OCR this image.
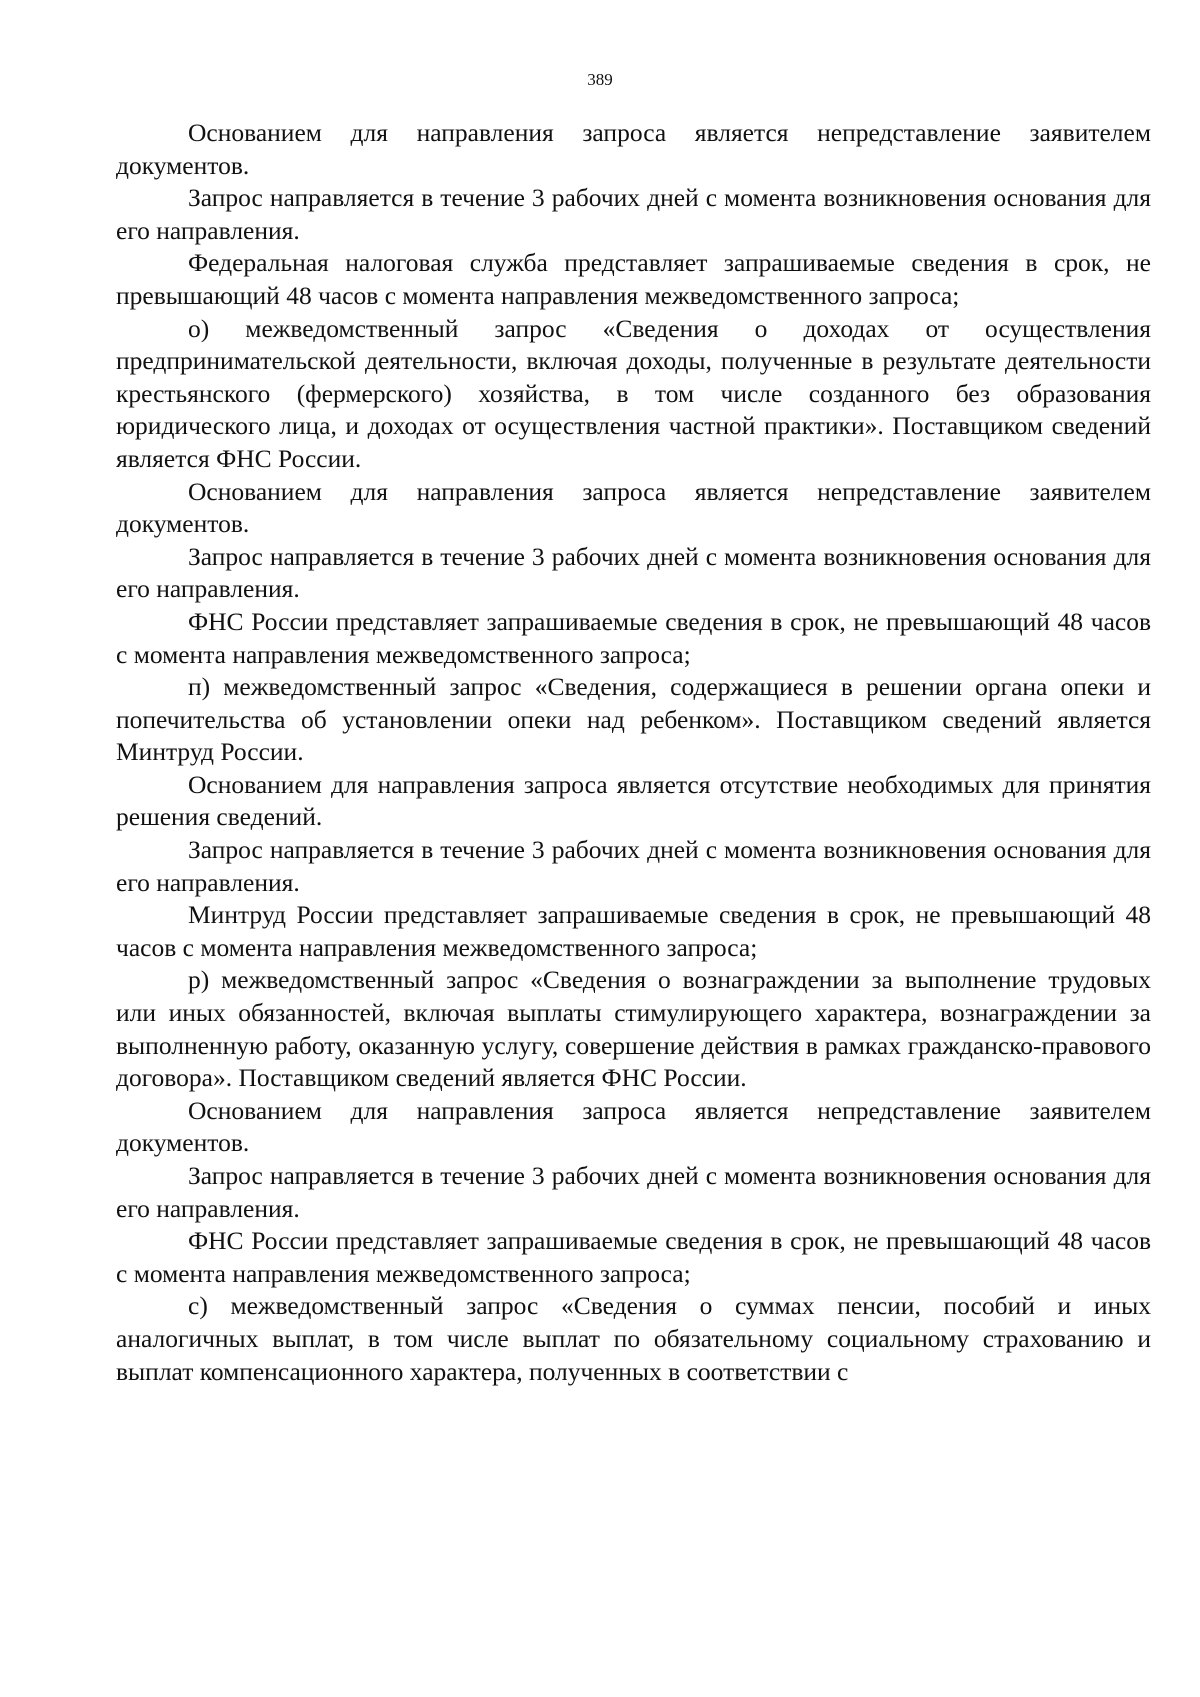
389

Основанием для направления запроса является непредставление заявителем документов.

Запрос направляется в течение 3 рабочих дней с момента возникновения основания для его направления.

Федеральная налоговая служба представляет запрашиваемые сведения в срок, не превышающий 48 часов с момента направления межведомственного запроса;

о) межведомственный запрос «Сведения о доходах от осуществления предпринимательской деятельности, включая доходы, полученные в результате деятельности крестьянского (фермерского) хозяйства, в том числе созданного без образования юридического лица, и доходах от осуществления частной практики». Поставщиком сведений является ФНС России.

Основанием для направления запроса является непредставление заявителем документов.

Запрос направляется в течение 3 рабочих дней с момента возникновения основания для его направления.

ФНС России представляет запрашиваемые сведения в срок, не превышающий 48 часов с момента направления межведомственного запроса;

п) межведомственный запрос «Сведения, содержащиеся в решении органа опеки и попечительства об установлении опеки над ребенком». Поставщиком сведений является Минтруд России.

Основанием для направления запроса является отсутствие необходимых для принятия решения сведений.

Запрос направляется в течение 3 рабочих дней с момента возникновения основания для его направления.

Минтруд России представляет запрашиваемые сведения в срок, не превышающий 48 часов с момента направления межведомственного запроса;

р) межведомственный запрос «Сведения о вознаграждении за выполнение трудовых или иных обязанностей, включая выплаты стимулирующего характера, вознаграждении за выполненную работу, оказанную услугу, совершение действия в рамках гражданско-правового договора». Поставщиком сведений является ФНС России.

Основанием для направления запроса является непредставление заявителем документов.

Запрос направляется в течение 3 рабочих дней с момента возникновения основания для его направления.

ФНС России представляет запрашиваемые сведения в срок, не превышающий 48 часов с момента направления межведомственного запроса;

с) межведомственный запрос «Сведения о суммах пенсии, пособий и иных аналогичных выплат, в том числе выплат по обязательному социальному страхованию и выплат компенсационного характера, полученных в соответствии с
